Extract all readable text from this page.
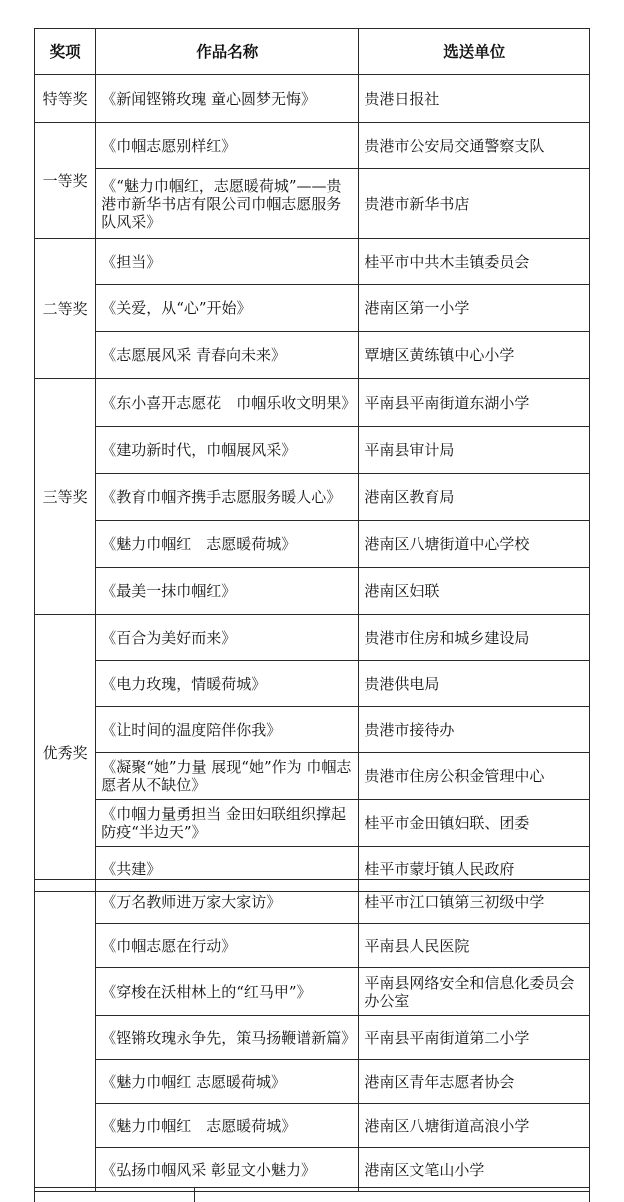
奖项	作品名称	选送单位
特等奖	《新闻铿锵玫瑰 童心圆梦无悔》	贵港日报社
一等奖	《巾帼志愿别样红》	贵港市公安局交通警察支队
	《“魅力巾帼红，志愿暖荷城”——贵港市新华书店有限公司巾帼志愿服务队风采》	贵港市新华书店
二等奖	《担当》	桂平市中共木圭镇委员会
	《关爱，从“心”开始》	港南区第一小学
	《志愿展风采 青春向未来》	覃塘区黄练镇中心小学
三等奖	《东小喜开志愿花　巾帼乐收文明果》	平南县平南街道东湖小学
	《建功新时代，巾帼展风采》	平南县审计局
	《教育巾帼齐携手志愿服务暖人心》	港南区教育局
	《魅力巾帼红　志愿暖荷城》	港南区八塘街道中心学校
	《最美一抹巾帼红》	港南区妇联
优秀奖	《百合为美好而来》	贵港市住房和城乡建设局
	《电力玫瑰，情暖荷城》	贵港供电局
	《让时间的温度陪伴你我》	贵港市接待办
	《凝聚“她”力量 展现“她”作为 巾帼志愿者从不缺位》	贵港市住房公积金管理中心
	《巾帼力量勇担当 金田妇联组织撑起防疫“半边天”》	桂平市金田镇妇联、团委
	《共建》	桂平市蒙圩镇人民政府
	《万名教师进万家大家访》	桂平市江口镇第三初级中学
	《巾帼志愿在行动》	平南县人民医院
	《穿梭在沃柑林上的“红马甲”》	平南县网络安全和信息化委员会办公室
	《铿锵玫瑰永争先，策马扬鞭谱新篇》	平南县平南街道第二小学
	《魅力巾帼红 志愿暖荷城》	港南区青年志愿者协会
	《魅力巾帼红　志愿暖荷城》	港南区八塘街道高浪小学
	《弘扬巾帼风采 彰显文小魅力》	港南区文笔山小学
